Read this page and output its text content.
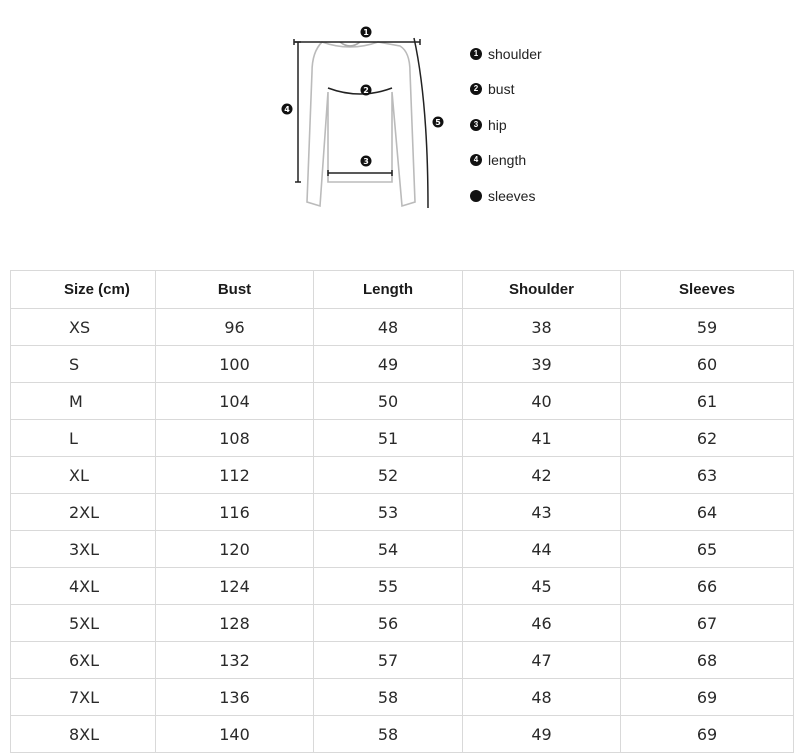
1
2
3
4
5
1 shoulder
2 bust
3 hip
4 length
sleeves
Size (cm)	Bust	Length	Shoulder	Sleeves
XS	96	48	38	59
S	100	49	39	60
M	104	50	40	61
L	108	51	41	62
XL	112	52	42	63
2XL	116	53	43	64
3XL	120	54	44	65
4XL	124	55	45	66
5XL	128	56	46	67
6XL	132	57	47	68
7XL	136	58	48	69
8XL	140	58	49	69
